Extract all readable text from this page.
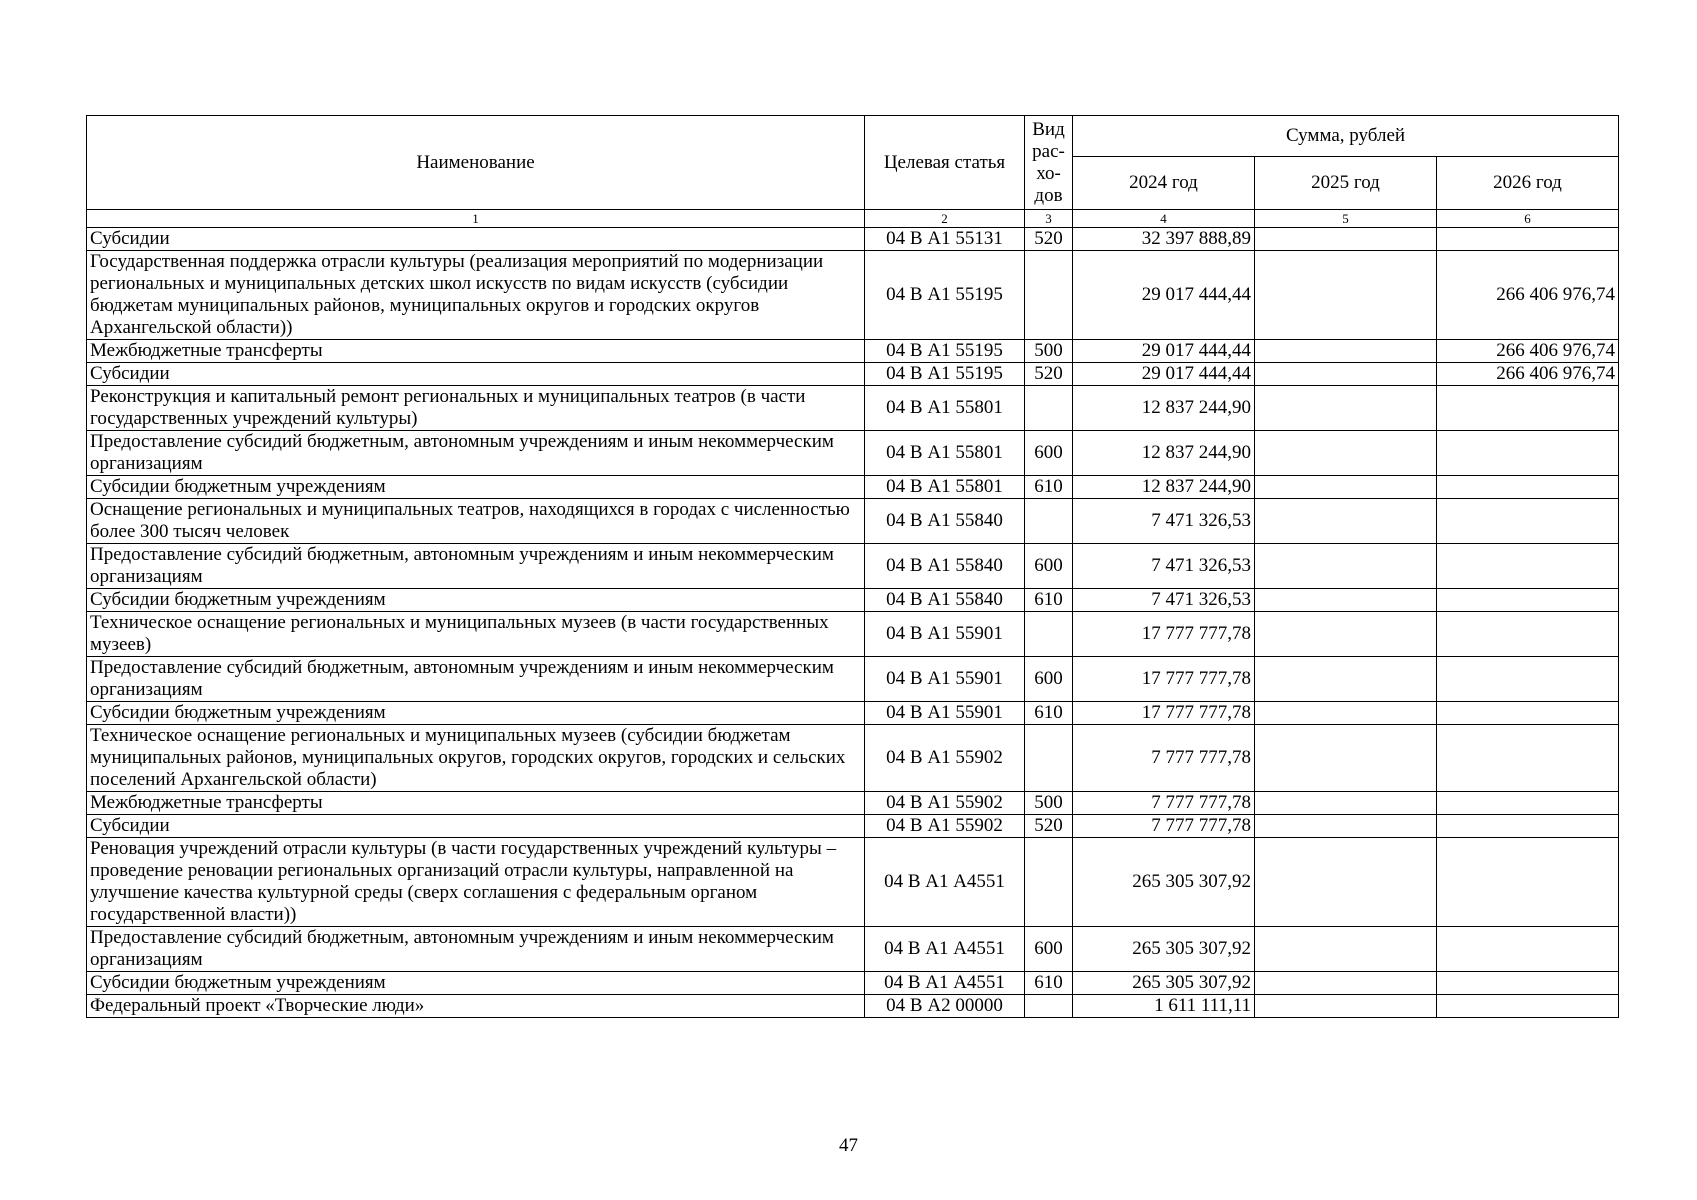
Наименование	Целевая статья	Вид рас-хо-дов	Сумма, рублей		
			2024 год	2025 год	2026 год
1	2	3	4	5	6
Субсидии	04 В А1 55131	520	32 397 888,89		
Государственная поддержка отрасли культуры (реализация мероприятий по модернизации региональных и муниципальных детских школ искусств по видам искусств (субсидии бюджетам муниципальных районов, муниципальных округов и городских округов Архангельской области))	04 В А1 55195		29 017 444,44		266 406 976,74
Межбюджетные трансферты	04 В А1 55195	500	29 017 444,44		266 406 976,74
Субсидии	04 В А1 55195	520	29 017 444,44		266 406 976,74
Реконструкция и капитальный ремонт региональных и муниципальных театров (в части государственных учреждений культуры)	04 В А1 55801		12 837 244,90		
Предоставление субсидий бюджетным, автономным учреждениям и иным некоммерческим организациям	04 В А1 55801	600	12 837 244,90		
Субсидии бюджетным учреждениям	04 В А1 55801	610	12 837 244,90		
Оснащение региональных и муниципальных театров, находящихся в городах с численностью более 300 тысяч человек	04 В А1 55840		7 471 326,53		
Предоставление субсидий бюджетным, автономным учреждениям и иным некоммерческим организациям	04 В А1 55840	600	7 471 326,53		
Субсидии бюджетным учреждениям	04 В А1 55840	610	7 471 326,53		
Техническое оснащение региональных и муниципальных музеев (в части государственных музеев)	04 В А1 55901		17 777 777,78		
Предоставление субсидий бюджетным, автономным учреждениям и иным некоммерческим организациям	04 В А1 55901	600	17 777 777,78		
Субсидии бюджетным учреждениям	04 В А1 55901	610	17 777 777,78		
Техническое оснащение региональных и муниципальных музеев (субсидии бюджетам муниципальных районов, муниципальных округов, городских округов, городских и сельских поселений Архангельской области)	04 В А1 55902		7 777 777,78		
Межбюджетные трансферты	04 В А1 55902	500	7 777 777,78		
Субсидии	04 В А1 55902	520	7 777 777,78		
Реновация учреждений отрасли культуры (в части государственных учреждений культуры – проведение реновации региональных организаций отрасли культуры, направленной на улучшение качества культурной среды (сверх соглашения с федеральным органом государственной власти))	04 В А1 А4551		265 305 307,92		
Предоставление субсидий бюджетным, автономным учреждениям и иным некоммерческим организациям	04 В А1 А4551	600	265 305 307,92		
Субсидии бюджетным учреждениям	04 В А1 А4551	610	265 305 307,92		
Федеральный проект «Творческие люди»	04 В А2 00000		1 611 111,11		
47
